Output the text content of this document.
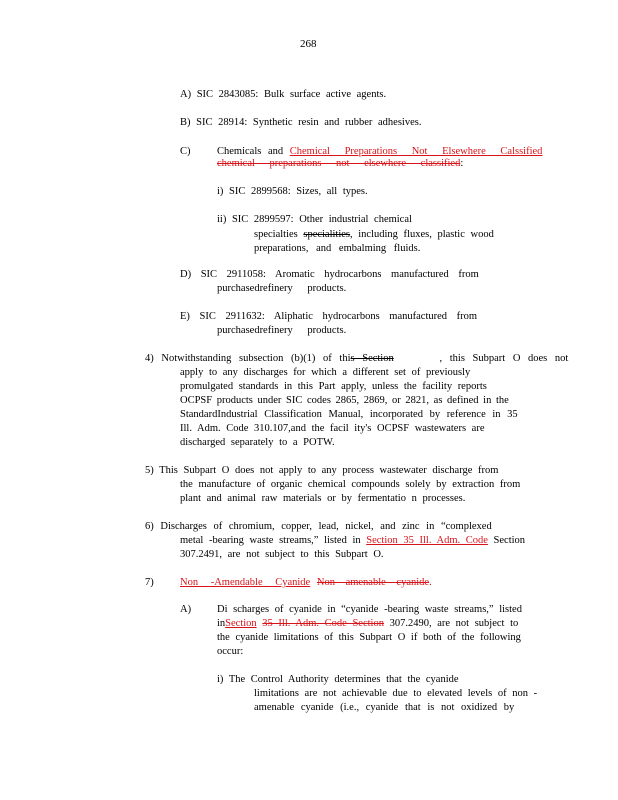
268
A) SIC 2843085: Bulk surface active agents.
B) SIC 28914: Synthetic resin and rubber adhesives.
C)	Chemicals and Chemical Preparations Not Elsewhere Calssified
chemical preparations not elsewhere classified:
i) SIC 2899568: Sizes, all types.
ii) SIC 2899597: Other industrial chemical
specialties specialities, including fluxes, plastic wood
preparations, and embalming fluids.
D) SIC 2911058: Aromatic hydrocarbons manufactured from
purchasedrefinery products.
E) SIC 2911632: Aliphatic hydrocarbons manufactured from
purchasedrefinery products.
4) Notwithstanding subsection (b)(1) of this Section	, this Subpart O does not
apply to any discharges for which a different set of previously
promulgated standards in this Part apply, unless the facility reports
OCPSF products under SIC codes 2865, 2869, or 2821, as defined in the
StandardIndustrial Classification Manual, incorporated by reference in 35
Ill. Adm. Code 310.107,and the facil ity's OCPSF wastewaters are
discharged separately to a POTW.
5) This Subpart O does not apply to any process wastewater discharge from
the manufacture of organic chemical compounds solely by extraction from
plant and animal raw materials or by fermentatio n processes.
6) Discharges of chromium, copper, lead, nickel, and zinc in “complexed
metal -bearing waste streams,” listed in Section 35 Ill. Adm. Code Section
307.2491, are not subject to this Subpart O.
7)	Non -Amendable Cyanide Non amenable cyanide.
A) Di scharges of cyanide in “cyanide -bearing waste streams,” listed
inSection 35 Ill. Adm. Code Section 307.2490, are not subject to
the cyanide limitations of this Subpart O if both of the following
occur:
i) The Control Authority determines that the cyanide
limitations are not achievable due to elevated levels of non -
amenable cyanide (i.e., cyanide that is not oxidized by
